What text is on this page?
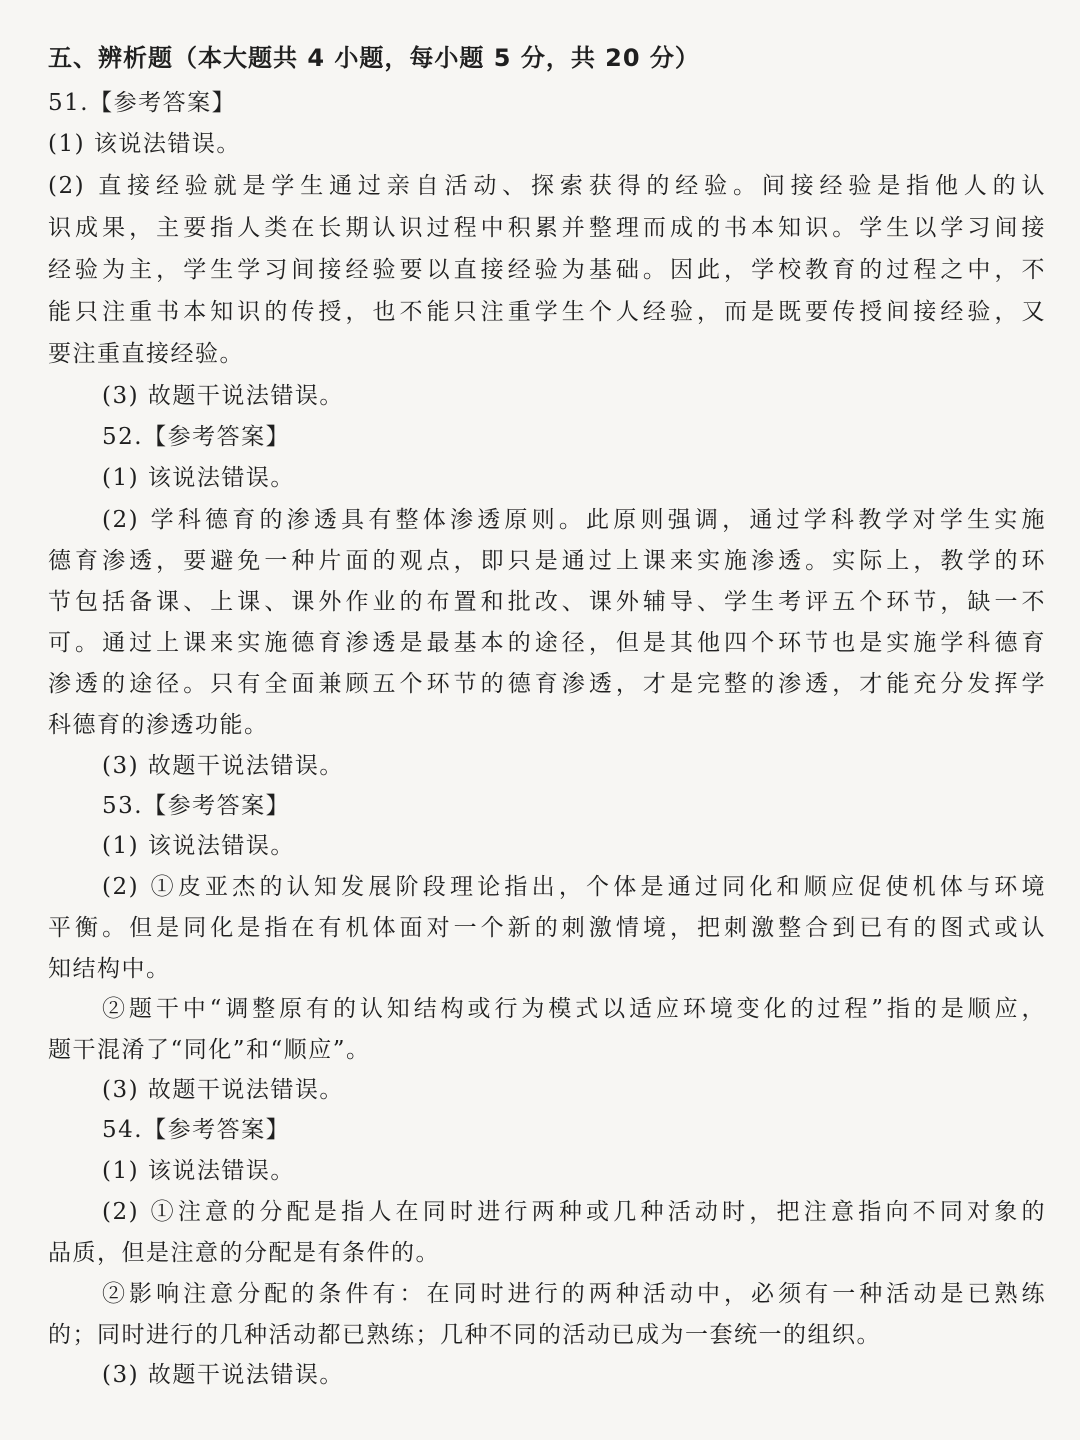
五、辨析题（本大题共 4 小题，每小题 5 分，共 20 分）
51.【参考答案】
(1) 该说法错误。
(2) 直接经验就是学生通过亲自活动、探索获得的经验。间接经验是指他人的认
识成果，主要指人类在长期认识过程中积累并整理而成的书本知识。学生以学习间接
经验为主，学生学习间接经验要以直接经验为基础。因此，学校教育的过程之中，不
能只注重书本知识的传授，也不能只注重学生个人经验，而是既要传授间接经验，又
要注重直接经验。
(3) 故题干说法错误。
52.【参考答案】
(1) 该说法错误。
(2) 学科德育的渗透具有整体渗透原则。此原则强调，通过学科教学对学生实施
德育渗透，要避免一种片面的观点，即只是通过上课来实施渗透。实际上，教学的环
节包括备课、上课、课外作业的布置和批改、课外辅导、学生考评五个环节，缺一不
可。通过上课来实施德育渗透是最基本的途径，但是其他四个环节也是实施学科德育
渗透的途径。只有全面兼顾五个环节的德育渗透，才是完整的渗透，才能充分发挥学
科德育的渗透功能。
(3) 故题干说法错误。
53.【参考答案】
(1) 该说法错误。
(2) ①皮亚杰的认知发展阶段理论指出，个体是通过同化和顺应促使机体与环境
平衡。但是同化是指在有机体面对一个新的刺激情境，把刺激整合到已有的图式或认
知结构中。
②题干中“调整原有的认知结构或行为模式以适应环境变化的过程”指的是顺应，
题干混淆了“同化”和“顺应”。
(3) 故题干说法错误。
54.【参考答案】
(1) 该说法错误。
(2) ①注意的分配是指人在同时进行两种或几种活动时，把注意指向不同对象的
品质，但是注意的分配是有条件的。
②影响注意分配的条件有：在同时进行的两种活动中，必须有一种活动是已熟练
的；同时进行的几种活动都已熟练；几种不同的活动已成为一套统一的组织。
(3) 故题干说法错误。
